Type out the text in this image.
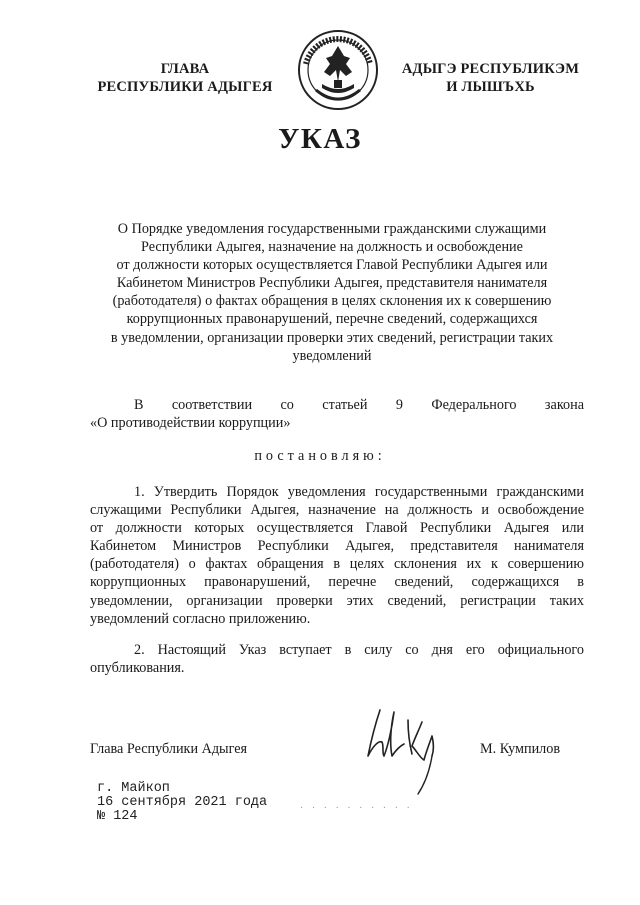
ГЛАВА
РЕСПУБЛИКИ АДЫГЕЯ
АДЫГЭ РЕСПУБЛИКЭМ
И ЛЫШЪХЬ
УКАЗ
О Порядке уведомления государственными гражданскими служащими
Республики Адыгея, назначение на должность и освобождение
от должности которых осуществляется Главой Республики Адыгея или
Кабинетом Министров Республики Адыгея, представителя нанимателя
(работодателя) о фактах обращения в целях склонения их к совершению
коррупционных правонарушений, перечне сведений, содержащихся
в уведомлении, организации проверки этих сведений, регистрации таких
уведомлений
В соответствии со статьей 9 Федерального закона
«О противодействии коррупции»
постановляю:
1. Утвердить Порядок уведомления государственными гражданскими
служащими Республики Адыгея, назначение на должность и освобождение
от должности которых осуществляется Главой Республики Адыгея или
Кабинетом Министров Республики Адыгея, представителя нанимателя
(работодателя) о фактах обращения в целях склонения их к совершению
коррупционных правонарушений, перечне сведений, содержащихся в
уведомлении, организации проверки этих сведений, регистрации таких
уведомлений согласно приложению.
2. Настоящий Указ вступает в силу со дня его официального
опубликования.
Глава Республики Адыгея	М. Кумпилов
г. Майкоп
16 сентября 2021 года
№ 124
· · · · · · · · · ·
